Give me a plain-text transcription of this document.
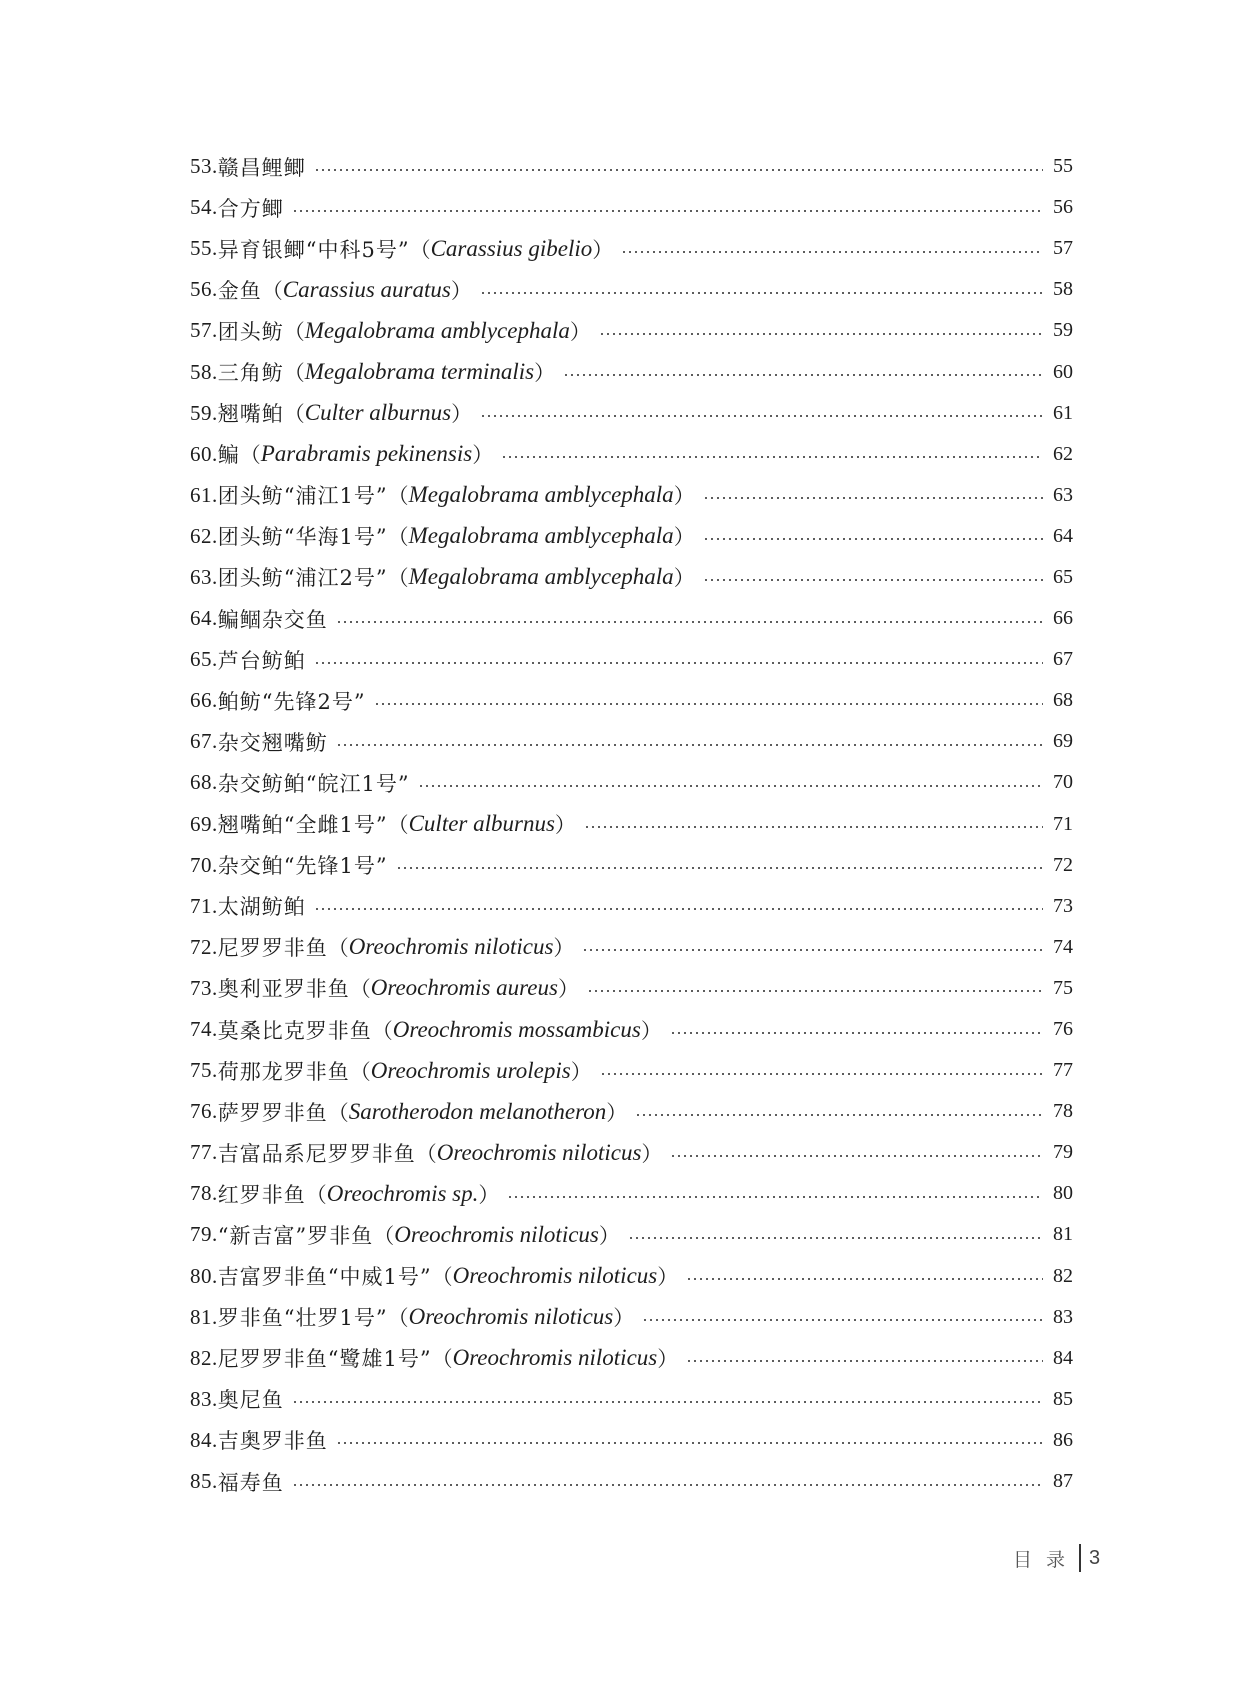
53. 赣昌鲤鲫	55
54. 合方鲫	56
55. 异育银鲫“中科5号” （ Carassius gibelio ）	57
56. 金鱼 （ Carassius auratus ）	58
57. 团头鲂 （ Megalobrama amblycephala ）	59
58. 三角鲂 （ Megalobrama terminalis ）	60
59. 翘嘴鲌 （ Culter alburnus ）	61
60. 鳊 （ Parabramis pekinensis ）	62
61. 团头鲂“浦江1号” （ Megalobrama amblycephala ）	63
62. 团头鲂“华海1号” （ Megalobrama amblycephala ）	64
63. 团头鲂“浦江2号” （ Megalobrama amblycephala ）	65
64. 鳊鲴杂交鱼	66
65. 芦台鲂鲌	67
66. 鲌鲂“先锋2号”	68
67. 杂交翘嘴鲂	69
68. 杂交鲂鲌“皖江1号”	70
69. 翘嘴鲌“全雌1号” （ Culter alburnus ）	71
70. 杂交鲌“先锋1号”	72
71. 太湖鲂鲌	73
72. 尼罗罗非鱼 （ Oreochromis niloticus ）	74
73. 奥利亚罗非鱼 （ Oreochromis aureus ）	75
74. 莫桑比克罗非鱼 （ Oreochromis mossambicus ）	76
75. 荷那龙罗非鱼 （ Oreochromis urolepis ）	77
76. 萨罗罗非鱼 （ Sarotherodon melanotheron ）	78
77. 吉富品系尼罗罗非鱼 （ Oreochromis niloticus ）	79
78. 红罗非鱼 （ Oreochromis sp. ）	80
79. “新吉富”罗非鱼 （ Oreochromis niloticus ）	81
80. 吉富罗非鱼“中威1号” （ Oreochromis niloticus ）	82
81. 罗非鱼“壮罗1号” （ Oreochromis niloticus ）	83
82. 尼罗罗非鱼“鹭雄1号” （ Oreochromis niloticus ）	84
83. 奥尼鱼	85
84. 吉奥罗非鱼	86
85. 福寿鱼	87
目录 3
